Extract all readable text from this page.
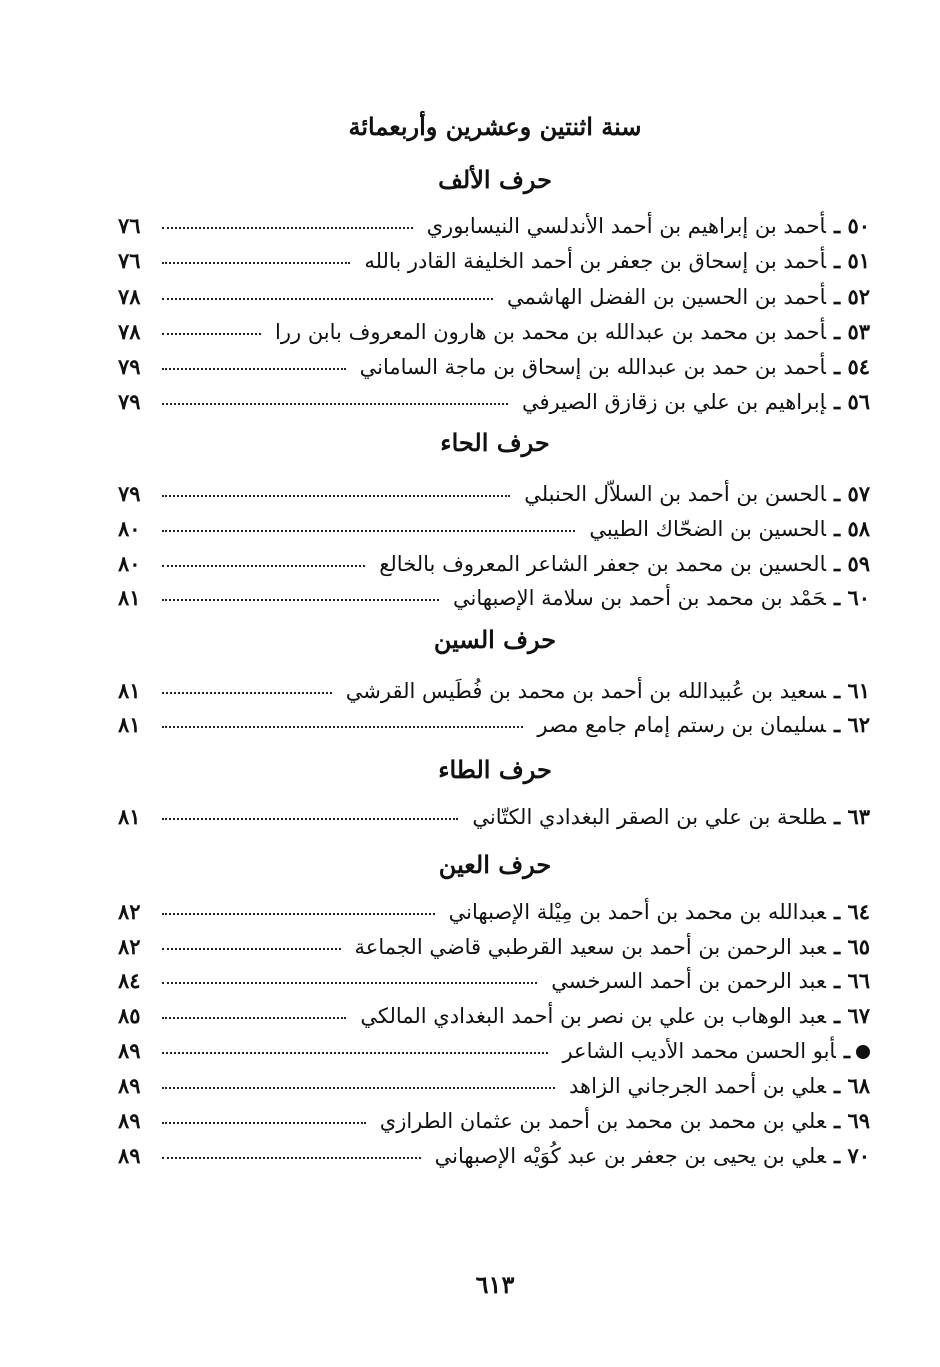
سنة اثنتين وعشرين وأربعمائة
حرف الألف
٥٠ ـأحمد بن إبراهيم بن أحمد الأندلسي النيسابوري
٧٦
٥١ ـأحمد بن إسحاق بن جعفر بن أحمد الخليفة القادر بالله
٧٦
٥٢ ـأحمد بن الحسين بن الفضل الهاشمي
٧٨
٥٣ ـأحمد بن محمد بن عبدالله بن محمد بن هارون المعروف بابن ررا
٧٨
٥٤ ـأحمد بن حمد بن عبدالله بن إسحاق بن ماجة الساماني
٧٩
٥٦ ـإبراهيم بن علي بن زقازق الصيرفي
٧٩
حرف الحاء
٥٧ ـالحسن بن أحمد بن السلاّل الحنبلي
٧٩
٥٨ ـالحسين بن الضحّاك الطيبي
٨٠
٥٩ ـالحسين بن محمد بن جعفر الشاعر المعروف بالخالع
٨٠
٦٠ ـحَمْد بن محمد بن أحمد بن سلامة الإصبهاني
٨١
حرف السين
٦١ ـسعيد بن عُبيدالله بن أحمد بن محمد بن فُطَيس القرشي
٨١
٦٢ ـسليمان بن رستم إمام جامع مصر
٨١
حرف الطاء
٦٣ ـطلحة بن علي بن الصقر البغدادي الكتّاني
٨١
حرف العين
٦٤ ـعبدالله بن محمد بن أحمد بن مِيْلة الإصبهاني
٨٢
٦٥ ـعبد الرحمن بن أحمد بن سعيد القرطبي قاضي الجماعة
٨٢
٦٦ ـعبد الرحمن بن أحمد السرخسي
٨٤
٦٧ ـعبد الوهاب بن علي بن نصر بن أحمد البغدادي المالكي
٨٥
ـأبو الحسن محمد الأديب الشاعر
٨٩
٦٨ ـعلي بن أحمد الجرجاني الزاهد
٨٩
٦٩ ـعلي بن محمد بن محمد بن أحمد بن عثمان الطرازي
٨٩
٧٠ ـعلي بن يحيى بن جعفر بن عبد كُوَيْه الإصبهاني
٨٩
٦١٣
